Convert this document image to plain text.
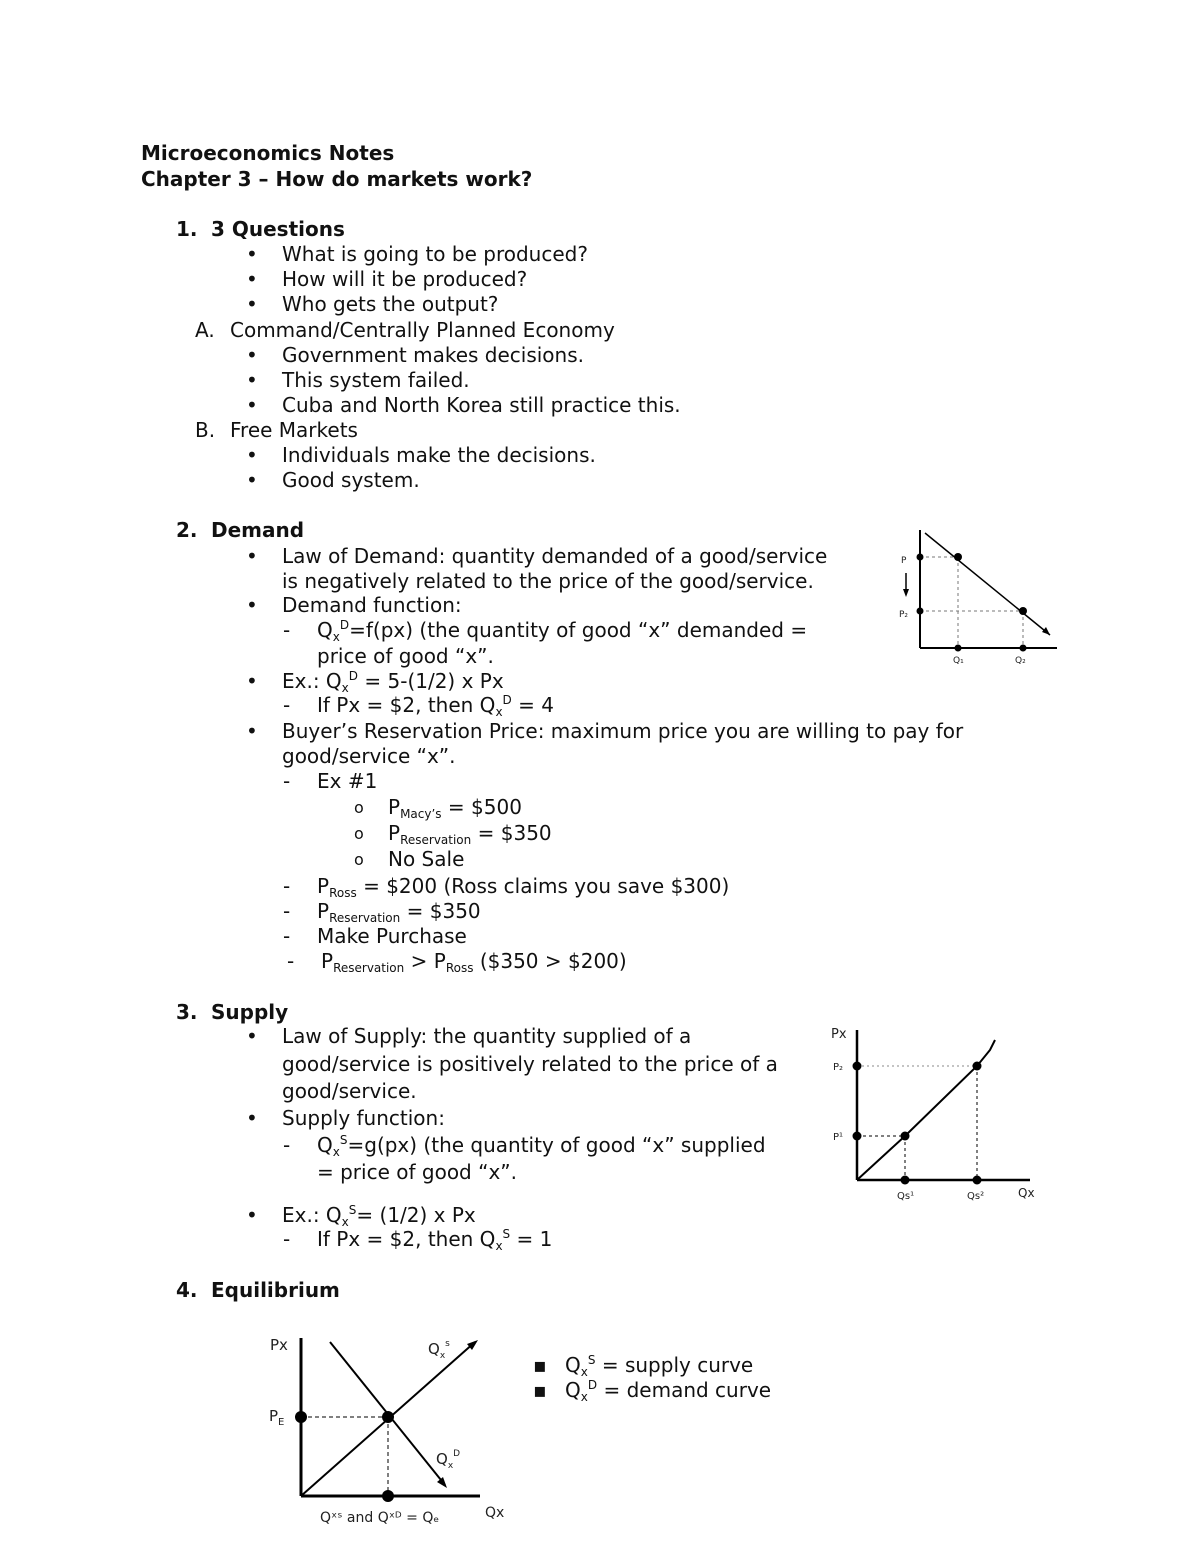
Microeconomics Notes
Chapter 3 – How do markets work?
1. 3 Questions
• What is going to be produced?
• How will it be produced?
• Who gets the output?
A. Command/Centrally Planned Economy
• Government makes decisions.
• This system failed.
• Cuba and North Korea still practice this.
B. Free Markets
• Individuals make the decisions.
• Good system.
2. Demand
• Law of Demand: quantity demanded of a good/service
is negatively related to the price of the good/service.
• Demand function:
- $Q_x^D=f(px)$ (the quantity of good “x” demanded =
price of good “x”.
• Ex.: $Q_x^D = 5-(1/2)$ x Px
- If Px = $2, then $Q_x^D = 4$
• Buyer’s Reservation Price: maximum price you are willing to pay for
good/service “x”.
- Ex #1
o $P_{Macy’s}$ = $500
o $P_{Reservation}$ = $350
o No Sale
- $P_{Ross}$ = $200 (Ross claims you save $300)
- $P_{Reservation}$ = $350
- Make Purchase
- $P_{Reservation} > P_{Ross}$ ($350 > $200)
P
P₂
Q₁	Q₂
3. Supply
• Law of Supply: the quantity supplied of a
good/service is positively related to the price of a
good/service.
• Supply function:
- $Q_x^S=g(px)$ (the quantity of good “x” supplied
= price of good “x”.
• Ex.: $Q_x^S= (1/2)$ x Px
- If Px = $2, then $Q_x^S = 1$
Px
P₂
P¹
Qs¹	Qs²	Qx
4. Equilibrium
▪ $Q_x^S$ = supply curve
▪ $Q_x^D$ = demand curve
Px
$P_E$
$Q_x^s$
$Q_x^D$
Qˣˢ and Qˣᴰ = Qₑ	Qx
